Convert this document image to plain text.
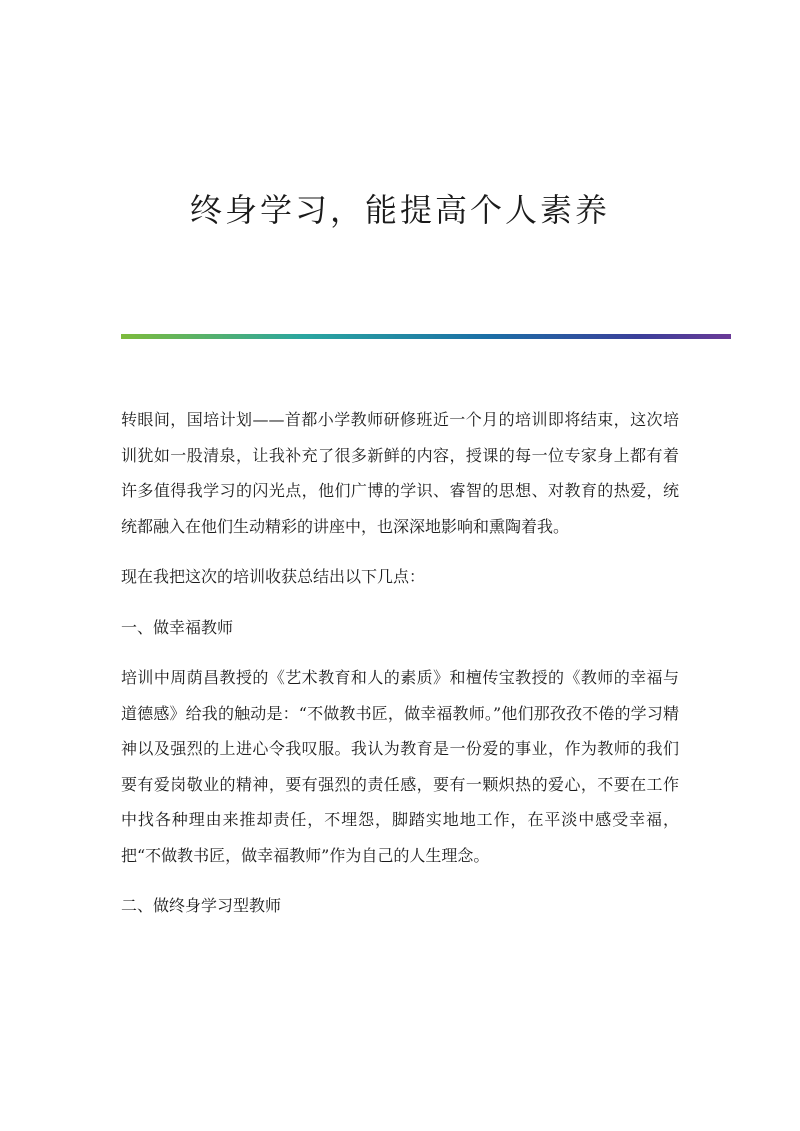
终身学习，能提高个人素养

转眼间，国培计划——首都小学教师研修班近一个月的培训即将结束，这次培训犹如一股清泉，让我补充了很多新鲜的内容，授课的每一位专家身上都有着许多值得我学习的闪光点，他们广博的学识、睿智的思想、对教育的热爱，统统都融入在他们生动精彩的讲座中，也深深地影响和熏陶着我。

现在我把这次的培训收获总结出以下几点：

一、做幸福教师

培训中周荫昌教授的《艺术教育和人的素质》和檀传宝教授的《教师的幸福与道德感》给我的触动是：“不做教书匠，做幸福教师。”他们那孜孜不倦的学习精神以及强烈的上进心令我叹服。我认为教育是一份爱的事业，作为教师的我们要有爱岗敬业的精神，要有强烈的责任感，要有一颗炽热的爱心，不要在工作中找各种理由来推却责任，不埋怨，脚踏实地地工作，在平淡中感受幸福，把“不做教书匠，做幸福教师”作为自己的人生理念。

二、做终身学习型教师
